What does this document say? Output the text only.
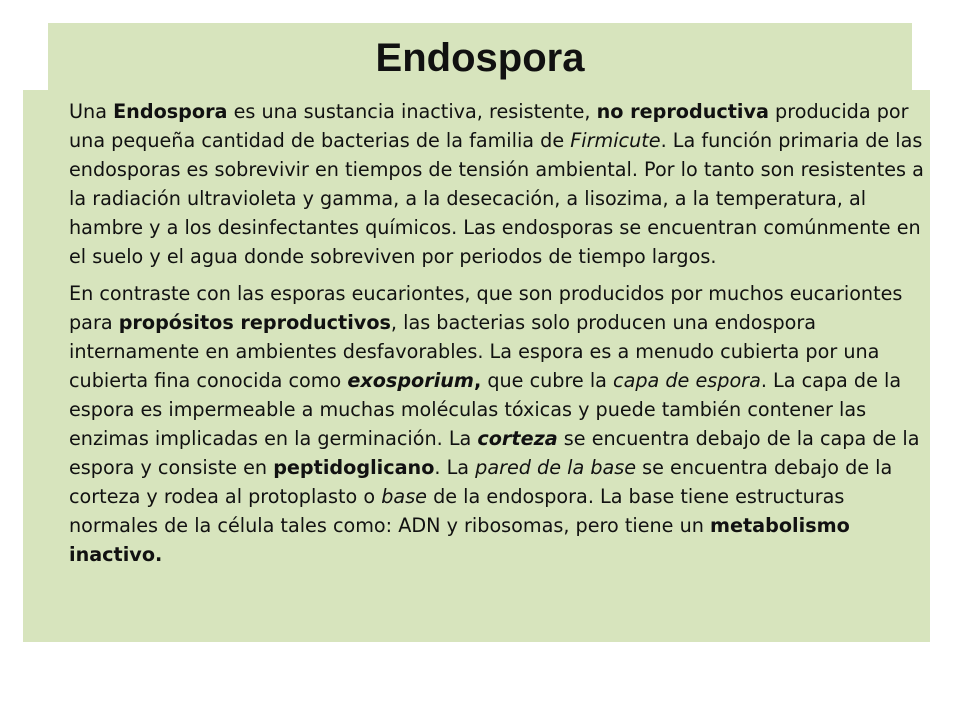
Endospora

Una Endospora es una sustancia inactiva, resistente, no reproductiva producida por una pequeña cantidad de bacterias de la familia de Firmicute. La función primaria de las endosporas es sobrevivir en tiempos de tensión ambiental. Por lo tanto son resistentes a la radiación ultravioleta y gamma, a la desecación, a lisozima, a la temperatura, al hambre y a los desinfectantes químicos. Las endosporas se encuentran comúnmente en el suelo y el agua donde sobreviven por periodos de tiempo largos.

En contraste con las esporas eucariontes, que son producidos por muchos eucariontes para propósitos reproductivos, las bacterias solo producen una endospora internamente en ambientes desfavorables. La espora es a menudo cubierta por una cubierta fina conocida como exosporium, que cubre la capa de espora. La capa de la espora es impermeable a muchas moléculas tóxicas y puede también contener las enzimas implicadas en la germinación. La corteza se encuentra debajo de la capa de la espora y consiste en peptidoglicano. La pared de la base se encuentra debajo de la corteza y rodea al protoplasto o base de la endospora. La base tiene estructuras normales de la célula tales como: ADN y ribosomas, pero tiene un metabolismo inactivo.
